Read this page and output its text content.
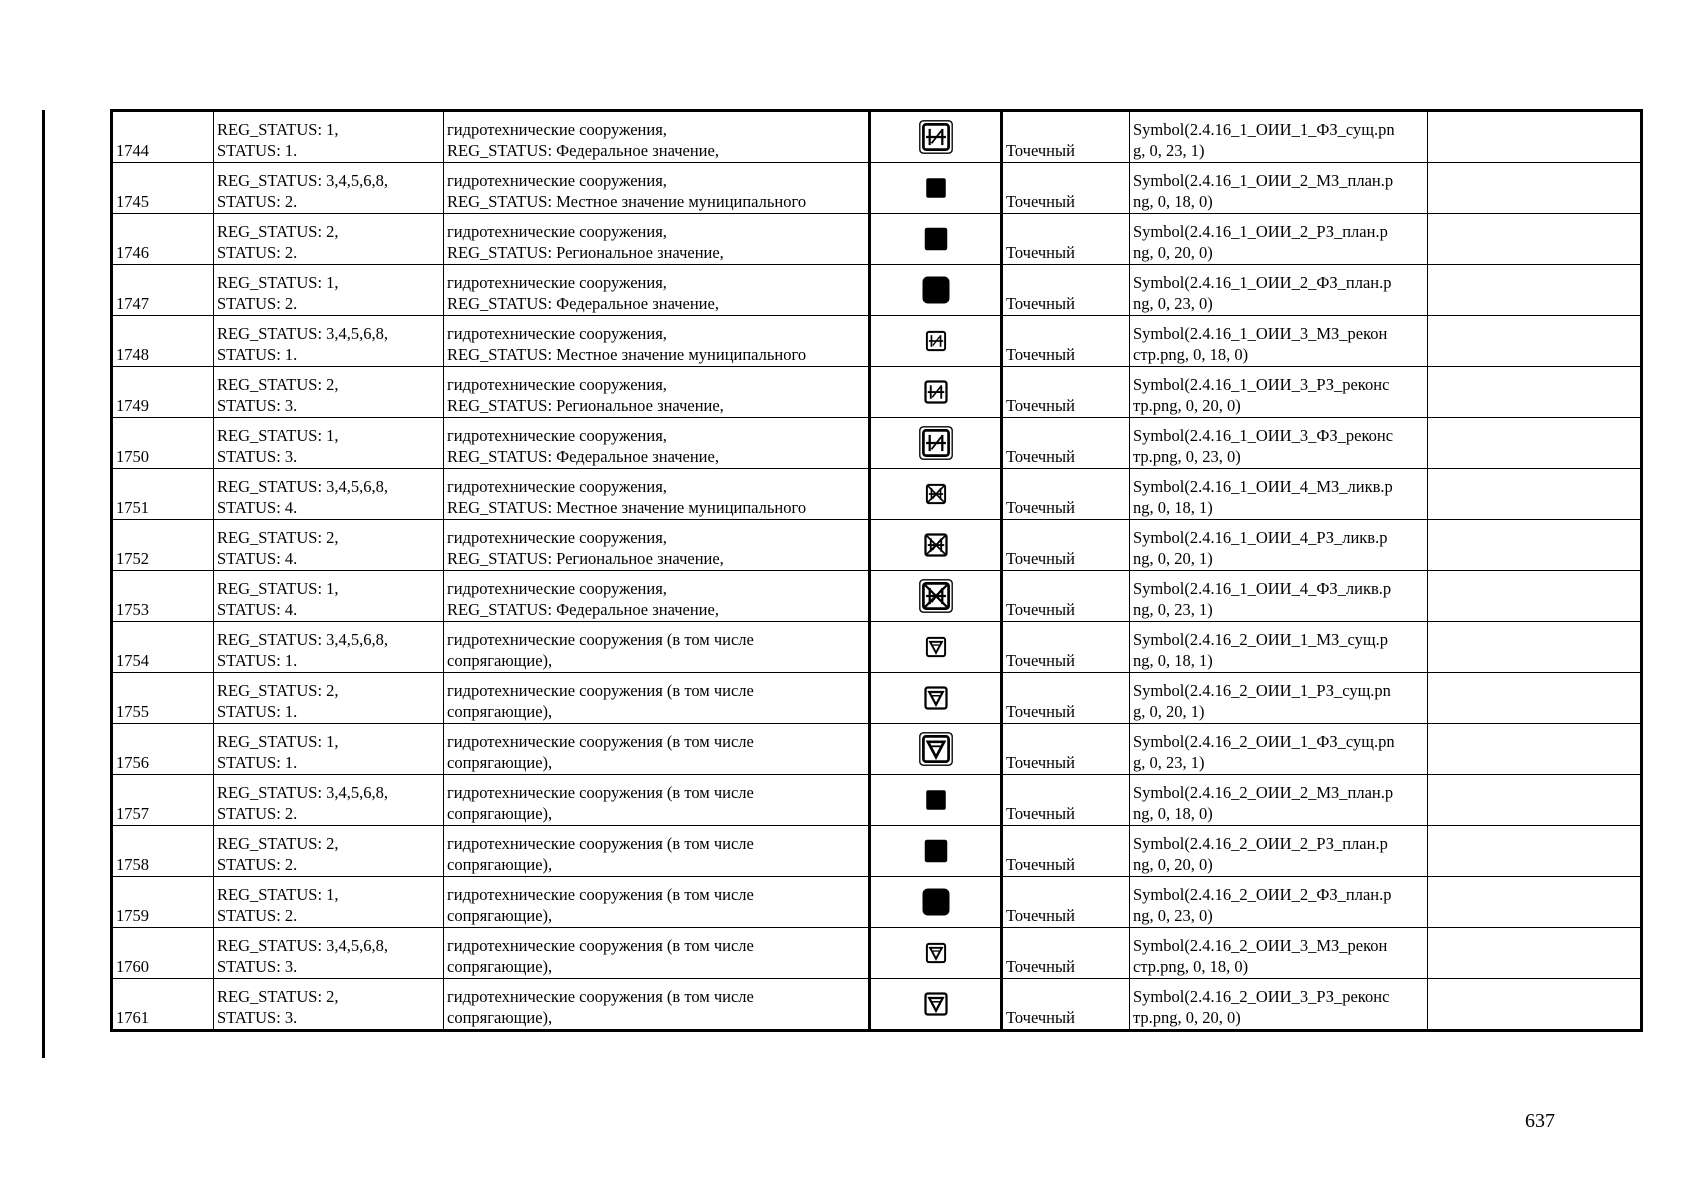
1744	REG_STATUS: 1,
STATUS: 1.	гидротехнические сооружения,
REG_STATUS: Федеральное значение,		Точечный	Symbol(2.4.16_1_ОИИ_1_ФЗ_сущ.pn
g, 0, 23, 1)	

1745	REG_STATUS: 3,4,5,6,8,
STATUS: 2.	гидротехнические сооружения,
REG_STATUS: Местное значение муниципального		Точечный	Symbol(2.4.16_1_ОИИ_2_МЗ_план.p
ng, 0, 18, 0)	

1746	REG_STATUS: 2,
STATUS: 2.	гидротехнические сооружения,
REG_STATUS: Региональное значение,		Точечный	Symbol(2.4.16_1_ОИИ_2_РЗ_план.p
ng, 0, 20, 0)	

1747	REG_STATUS: 1,
STATUS: 2.	гидротехнические сооружения,
REG_STATUS: Федеральное значение,		Точечный	Symbol(2.4.16_1_ОИИ_2_ФЗ_план.p
ng, 0, 23, 0)	

1748	REG_STATUS: 3,4,5,6,8,
STATUS: 1.	гидротехнические сооружения,
REG_STATUS: Местное значение муниципального		Точечный	Symbol(2.4.16_1_ОИИ_3_МЗ_рекон
стр.png, 0, 18, 0)	

1749	REG_STATUS: 2,
STATUS: 3.	гидротехнические сооружения,
REG_STATUS: Региональное значение,		Точечный	Symbol(2.4.16_1_ОИИ_3_РЗ_реконс
тр.png, 0, 20, 0)	

1750	REG_STATUS: 1,
STATUS: 3.	гидротехнические сооружения,
REG_STATUS: Федеральное значение,		Точечный	Symbol(2.4.16_1_ОИИ_3_ФЗ_реконс
тр.png, 0, 23, 0)	

1751	REG_STATUS: 3,4,5,6,8,
STATUS: 4.	гидротехнические сооружения,
REG_STATUS: Местное значение муниципального		Точечный	Symbol(2.4.16_1_ОИИ_4_МЗ_ликв.p
ng, 0, 18, 1)	

1752	REG_STATUS: 2,
STATUS: 4.	гидротехнические сооружения,
REG_STATUS: Региональное значение,		Точечный	Symbol(2.4.16_1_ОИИ_4_РЗ_ликв.p
ng, 0, 20, 1)	

1753	REG_STATUS: 1,
STATUS: 4.	гидротехнические сооружения,
REG_STATUS: Федеральное значение,		Точечный	Symbol(2.4.16_1_ОИИ_4_ФЗ_ликв.p
ng, 0, 23, 1)	

1754	REG_STATUS: 3,4,5,6,8,
STATUS: 1.	гидротехнические сооружения (в том числе
сопрягающие),		Точечный	Symbol(2.4.16_2_ОИИ_1_МЗ_сущ.p
ng, 0, 18, 1)	

1755	REG_STATUS: 2,
STATUS: 1.	гидротехнические сооружения (в том числе
сопрягающие),		Точечный	Symbol(2.4.16_2_ОИИ_1_РЗ_сущ.pn
g, 0, 20, 1)	

1756	REG_STATUS: 1,
STATUS: 1.	гидротехнические сооружения (в том числе
сопрягающие),		Точечный	Symbol(2.4.16_2_ОИИ_1_ФЗ_сущ.pn
g, 0, 23, 1)	

1757	REG_STATUS: 3,4,5,6,8,
STATUS: 2.	гидротехнические сооружения (в том числе
сопрягающие),		Точечный	Symbol(2.4.16_2_ОИИ_2_МЗ_план.p
ng, 0, 18, 0)	

1758	REG_STATUS: 2,
STATUS: 2.	гидротехнические сооружения (в том числе
сопрягающие),		Точечный	Symbol(2.4.16_2_ОИИ_2_РЗ_план.p
ng, 0, 20, 0)	

1759	REG_STATUS: 1,
STATUS: 2.	гидротехнические сооружения (в том числе
сопрягающие),		Точечный	Symbol(2.4.16_2_ОИИ_2_ФЗ_план.p
ng, 0, 23, 0)	

1760	REG_STATUS: 3,4,5,6,8,
STATUS: 3.	гидротехнические сооружения (в том числе
сопрягающие),		Точечный	Symbol(2.4.16_2_ОИИ_3_МЗ_рекон
стр.png, 0, 18, 0)	

1761	REG_STATUS: 2,
STATUS: 3.	гидротехнические сооружения (в том числе
сопрягающие),		Точечный	Symbol(2.4.16_2_ОИИ_3_РЗ_реконс
тр.png, 0, 20, 0)	

637
